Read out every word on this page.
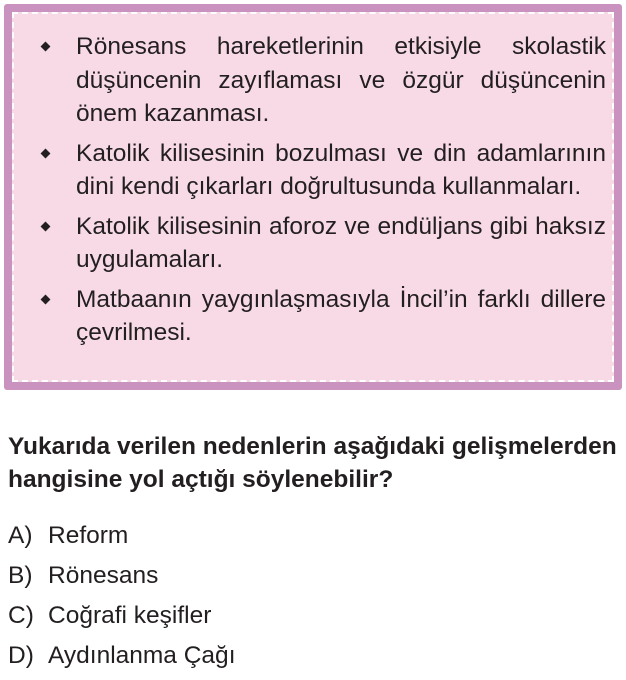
Rönesans hareketlerinin etkisiyle skolastik düşüncenin zayıflaması ve özgür düşüncenin önem kazanması.
Katolik kilisesinin bozulması ve din adamlarının dini kendi çıkarları doğrultusunda kullanmaları.
Katolik kilisesinin aforoz ve endüljans gibi haksız uygulamaları.
Matbaanın yaygınlaşmasıyla İncil’in farklı dillere çevrilmesi.
Yukarıda verilen nedenlerin aşağıdaki gelişmelerden hangisine yol açtığı söylenebilir?
A) Reform
B) Rönesans
C) Coğrafi keşifler
D) Aydınlanma Çağı
